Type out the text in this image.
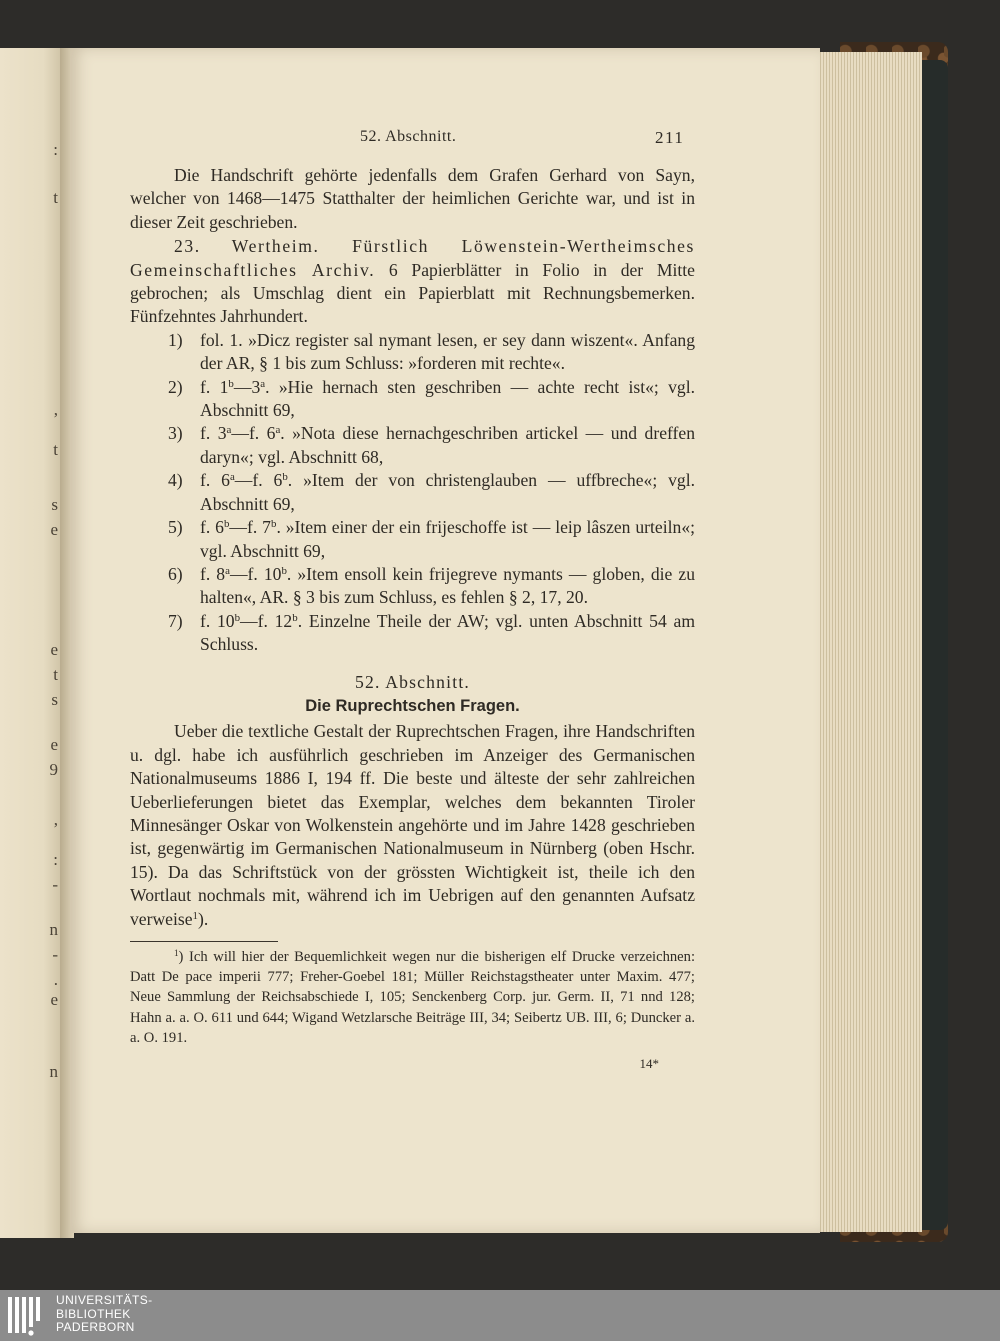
:
t
,
t
s
e
e
t
s
e
9
,
:
-
n
-
.
e
n
52. Abschnitt.	211

Die Handschrift gehörte jedenfalls dem Grafen Gerhard von Sayn, welcher von 1468—1475 Statthalter der heimlichen Gerichte war, und ist in dieser Zeit geschrieben.

23. Wertheim. Fürstlich Löwenstein-Wertheimsches Gemeinschaftliches Archiv. 6 Papierblätter in Folio in der Mitte gebrochen; als Umschlag dient ein Papierblatt mit Rechnungsbemerken. Fünfzehntes Jahrhundert.

1) fol. 1. »Dicz register sal nymant lesen, er sey dann wiszent«. Anfang der AR, § 1 bis zum Schluss: »forderen mit rechte«.
2) f. 1$^b$—3$^a$. »Hie hernach sten geschriben — achte recht ist«; vgl. Abschnitt 69,
3) f. 3$^a$—f. 6$^a$. »Nota diese hernachgeschriben artickel — und dreffen daryn«; vgl. Abschnitt 68,
4) f. 6$^a$—f. 6$^b$. »Item der von christenglauben — uffbreche«; vgl. Abschnitt 69,
5) f. 6$^b$—f. 7$^b$. »Item einer der ein frijeschoffe ist — leip lâszen urteiln«; vgl. Abschnitt 69,
6) f. 8$^a$—f. 10$^b$. »Item ensoll kein frijegreve nymants — globen, die zu halten«, AR. § 3 bis zum Schluss, es fehlen § 2, 17, 20.
7) f. 10$^b$—f. 12$^b$. Einzelne Theile der AW; vgl. unten Abschnitt 54 am Schluss.
52. Abschnitt.
Die Ruprechtschen Fragen.

Ueber die textliche Gestalt der Ruprechtschen Fragen, ihre Handschriften u. dgl. habe ich ausführlich geschrieben im Anzeiger des Germanischen Nationalmuseums 1886 I, 194 ff. Die beste und älteste der sehr zahlreichen Ueberlieferungen bietet das Exemplar, welches dem bekannten Tiroler Minnesänger Oskar von Wolkenstein angehörte und im Jahre 1428 geschrieben ist, gegenwärtig im Germanischen Nationalmuseum in Nürnberg (oben Hschr. 15). Da das Schriftstück von der grössten Wichtigkeit ist, theile ich den Wortlaut nochmals mit, während ich im Uebrigen auf den genannten Aufsatz verweise$^1$).

$^1$) Ich will hier der Bequemlichkeit wegen nur die bisherigen elf Drucke verzeichnen: Datt De pace imperii 777; Freher-Goebel 181; Müller Reichstagstheater unter Maxim. 477; Neue Sammlung der Reichsabschiede I, 105; Senckenberg Corp. jur. Germ. II, 71 nnd 128; Hahn a. a. O. 611 und 644; Wigand Wetzlarsche Beiträge III, 34; Seibertz UB. III, 6; Duncker a. a. O. 191.
14*
UNIVERSITÄTS-
BIBLIOTHEK
PADERBORN
